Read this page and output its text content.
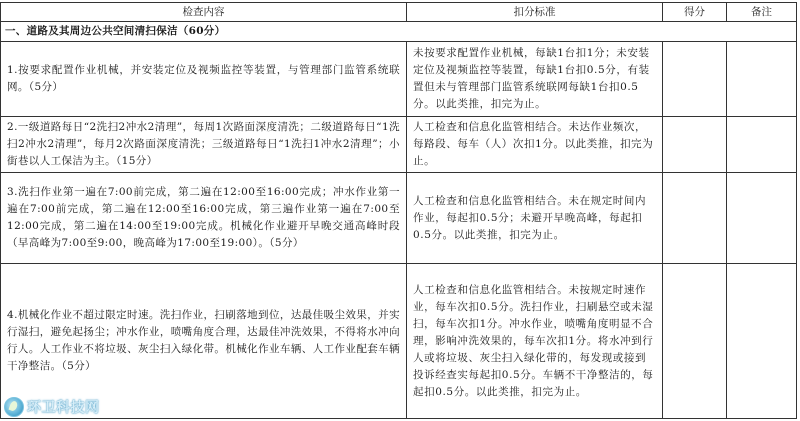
检查内容	扣分标准	得分	备注
一、道路及其周边公共空间清扫保洁（60分）			
1.按要求配置作业机械，并安装定位及视频监控等装置，与管理部门监管系统联网。（5分）	未按要求配置作业机械，每缺1台扣1分；未安装定位及视频监控等装置，每缺1台扣0.5分，有装置但未与管理部门监管系统联网每缺1台扣0.5分。以此类推，扣完为止。		
2.一级道路每日“2洗扫2冲水2清理”，每周1次路面深度清洗；二级道路每日“1洗扫2冲水2清理”，每月2次路面深度清洗；三级道路每日“1洗扫1冲水2清理”；小街巷以人工保洁为主。（15分）	人工检查和信息化监管相结合。未达作业频次，每路段、每车（人）次扣1分。以此类推，扣完为止。		
3.洗扫作业第一遍在7:00前完成，第二遍在12:00至16:00完成；冲水作业第一遍在7:00前完成，第二遍在12:00至16:00完成，第三遍作业第一遍在7:00至12:00完成，第二遍在14:00至19:00完成。机械化作业避开早晚交通高峰时段（早高峰为7:00至9:00，晚高峰为17:00至19:00）。（5分）	人工检查和信息化监管相结合。未在规定时间内作业，每起扣0.5分；未避开早晚高峰，每起扣0.5分。以此类推，扣完为止。		
4.机械化作业不超过限定时速。洗扫作业，扫刷落地到位，达最佳吸尘效果，并实行湿扫，避免起扬尘；冲水作业，喷嘴角度合理，达最佳冲洗效果，不得将水冲向行人。人工作业不将垃圾、灰尘扫入绿化带。机械化作业车辆、人工作业配套车辆干净整洁。（5分）	人工检查和信息化监管相结合。未按规定时速作业，每车次扣0.5分。洗扫作业，扫刷悬空或未湿扫，每车次扣1分。冲水作业，喷嘴角度明显不合理，影响冲洗效果的，每车次扣1分。将水冲到行人或将垃圾、灰尘扫入绿化带的，每发现或接到投诉经查实每起扣0.5分。车辆不干净整洁的，每起扣0.5分。以此类推，扣完为止。		
环卫科技网
